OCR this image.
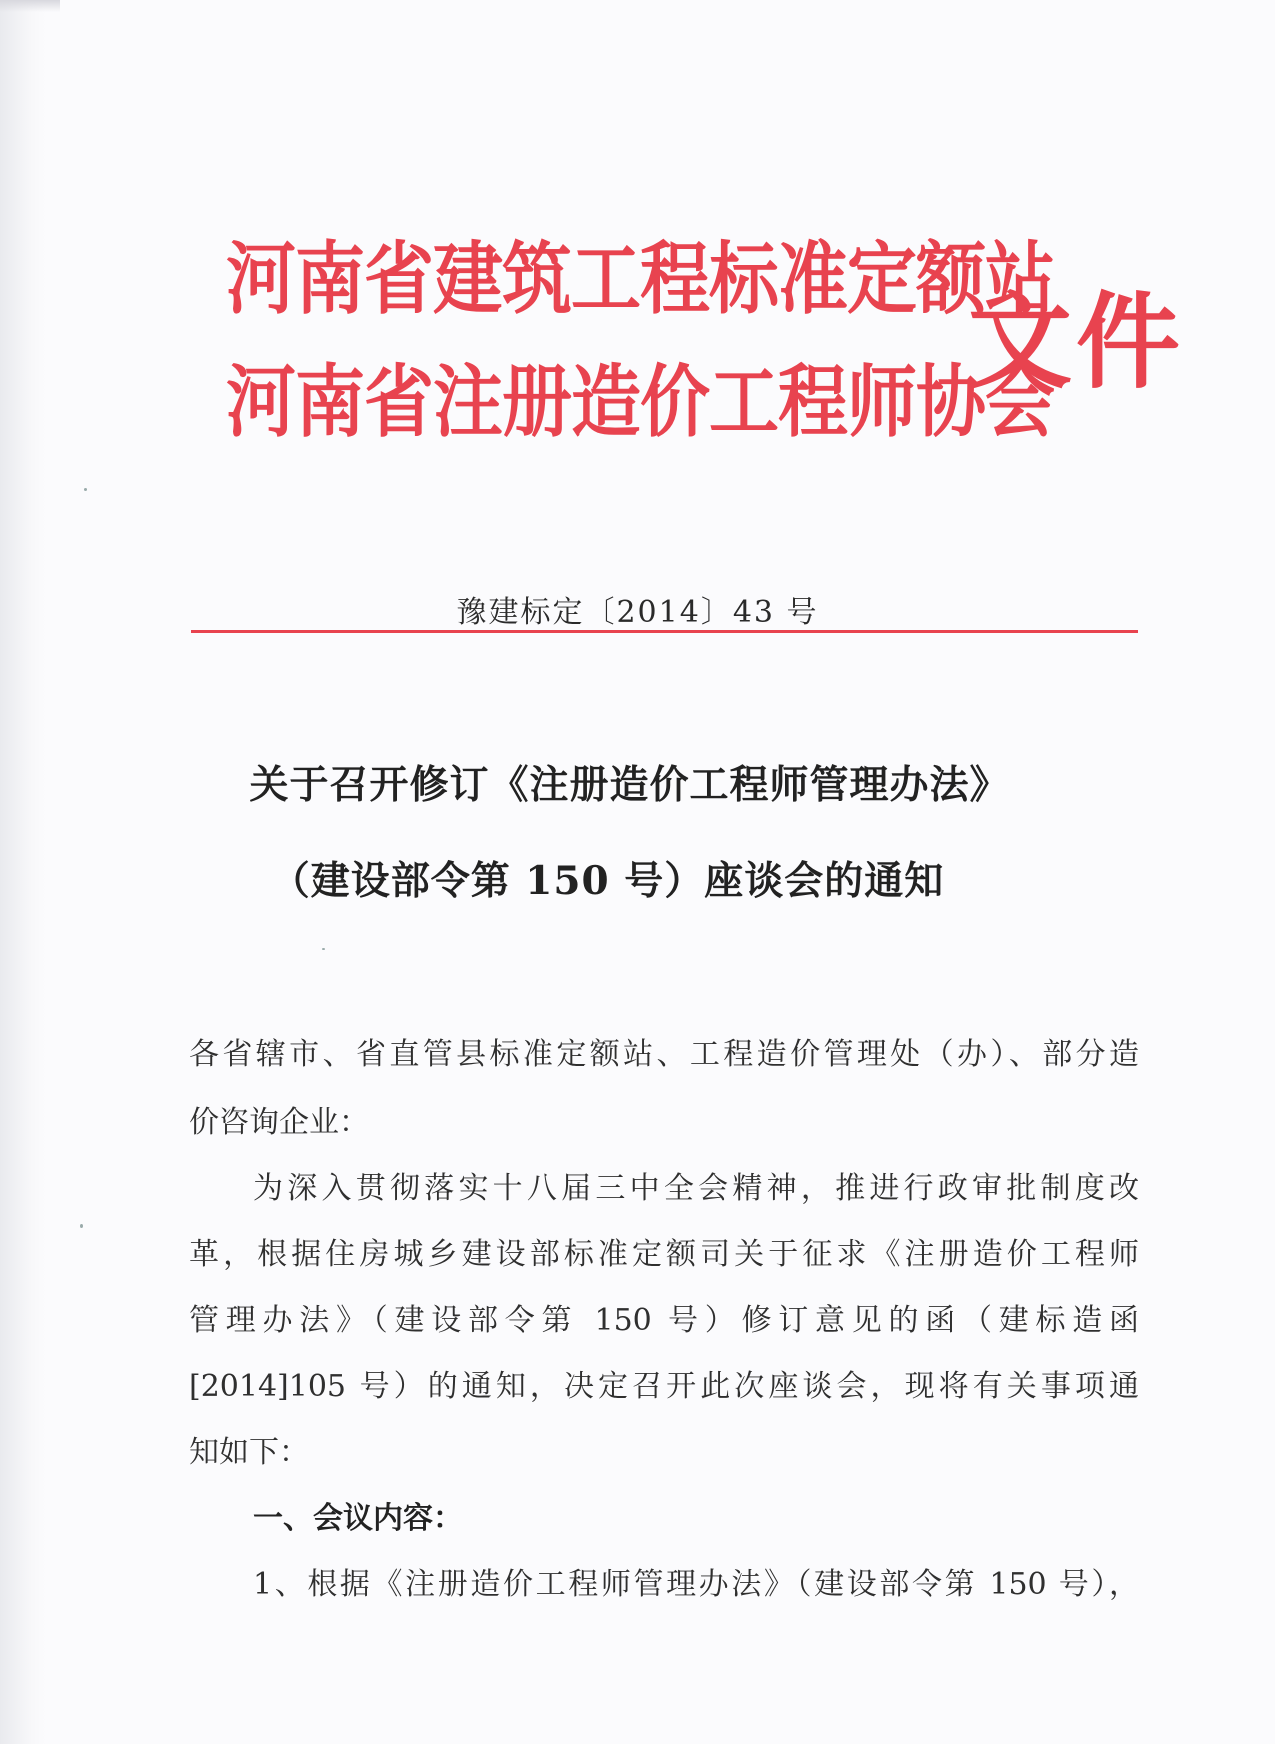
河南省建筑工程标准定额站
河南省注册造价工程师协会
文件
豫建标定〔2014〕43 号
关于召开修订《注册造价工程师管理办法》
（建设部令第 150 号）座谈会的通知
各省辖市、省直管县标准定额站、工程造价管理处（办）、部分造
价咨询企业：
为深入贯彻落实十八届三中全会精神，推进行政审批制度改
革，根据住房城乡建设部标准定额司关于征求《注册造价工程师
管理办法》（建设部令第 150 号）修订意见的函（建标造函
[2014]105 号）的通知，决定召开此次座谈会，现将有关事项通
知如下：
一、会议内容：
1、根据《注册造价工程师管理办法》（建设部令第 150 号），
